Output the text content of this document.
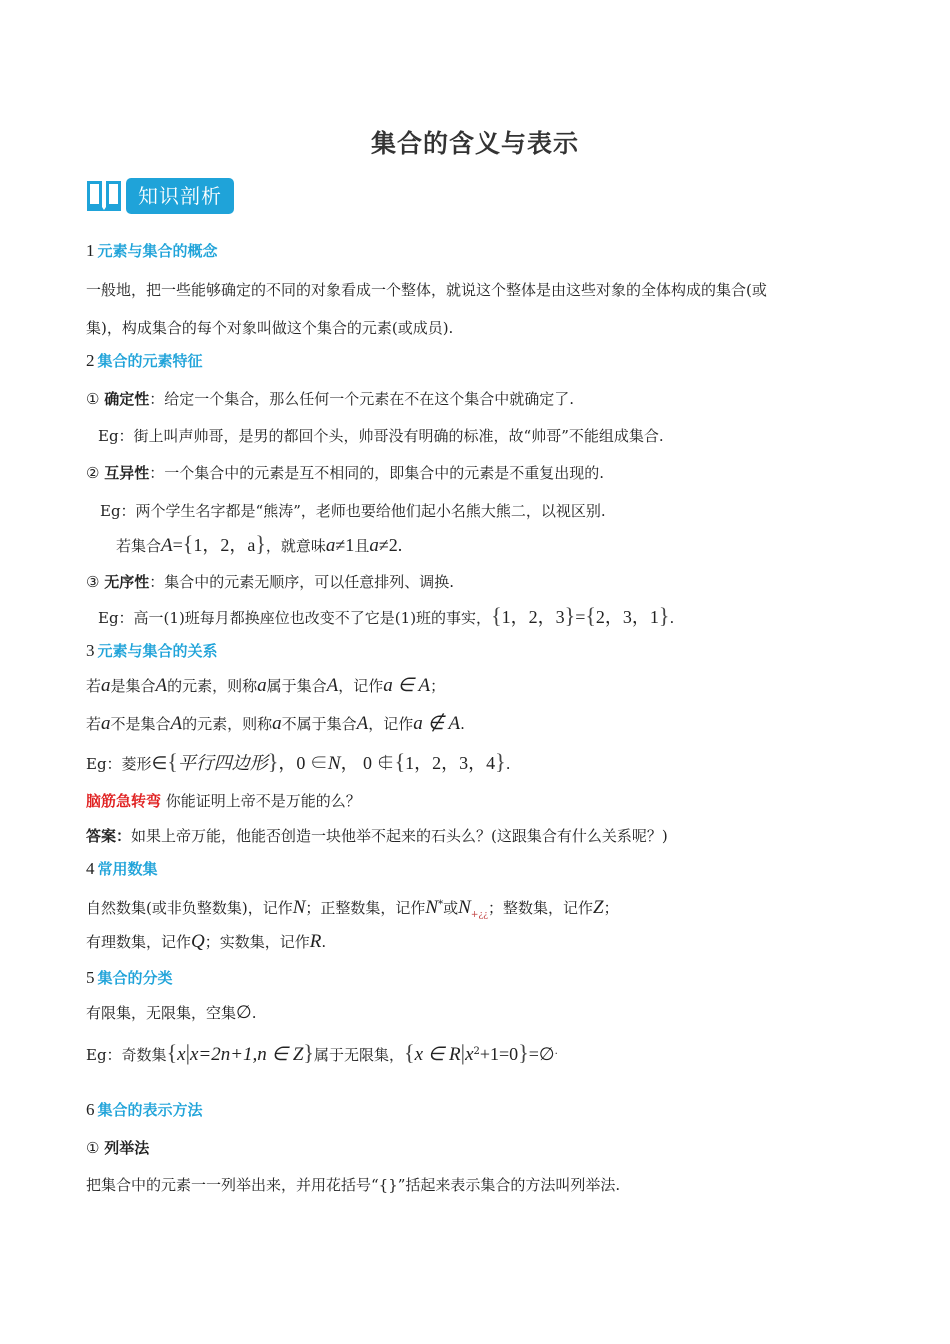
集合的含义与表示
知识剖析
1 元素与集合的概念
一般地，把一些能够确定的不同的对象看成一个整体，就说这个整体是由这些对象的全体构成的集合(或
集)，构成集合的每个对象叫做这个集合的元素(或成员).
2 集合的元素特征
① 确定性：给定一个集合，那么任何一个元素在不在这个集合中就确定了.
Eg：街上叫声帅哥，是男的都回个头，帅哥没有明确的标准，故“帅哥”不能组成集合.
② 互异性：一个集合中的元素是互不相同的，即集合中的元素是不重复出现的.
Eg：两个学生名字都是“熊涛”，老师也要给他们起小名熊大熊二，以视区别.
若集合A={1，2，a}，就意味a≠1且a≠2.
③ 无序性：集合中的元素无顺序，可以任意排列、调换.
Eg：高一(1)班每月都换座位也改变不了它是(1)班的事实，{1，2，3}={2，3，1}.
3 元素与集合的关系
若a是集合A的元素，则称a属于集合A，记作a ∈ A；
若a不是集合A的元素，则称a不属于集合A，记作a ∉ A.
Eg：菱形∈{平行四边形}，0 ∈N， 0 ∉{1，2，3，4}.
脑筋急转弯 你能证明上帝不是万能的么？
答案：如果上帝万能，他能否创造一块他举不起来的石头么？(这跟集合有什么关系呢？)
4 常用数集
自然数集(或非负整数集)，记作N；正整数集，记作N*或$N_{+¿¿}$；整数集，记作Z；
有理数集，记作Q；实数集，记作R.
5 集合的分类
有限集，无限集，空集∅.
Eg：奇数集{x|x=2n+1,n ∈ Z}属于无限集，{x ∈ $R|x^2+1=0\}=\emptyset^.$
6 集合的表示方法
① 列举法
把集合中的元素一一列举出来，并用花括号“{}”括起来表示集合的方法叫列举法.
